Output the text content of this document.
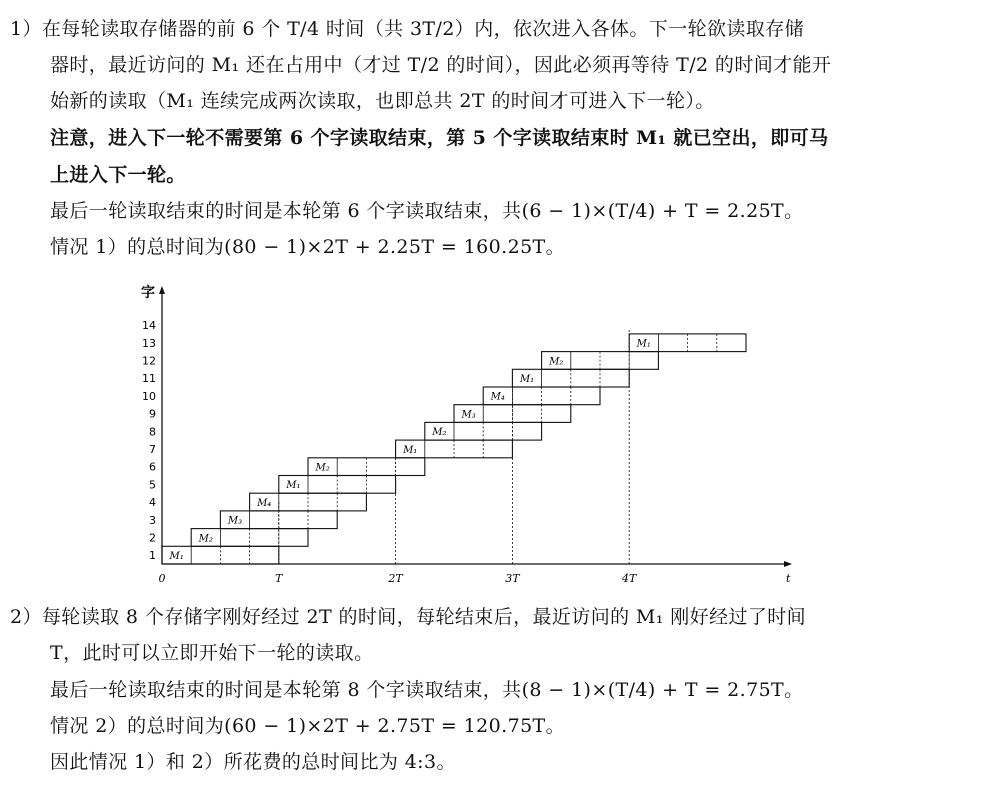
1）在每轮读取存储器的前 6 个 T/4 时间（共 3T/2）内，依次进入各体。下一轮欲读取存储
器时，最近访问的 M₁ 还在占用中（才过 T/2 的时间），因此必须再等待 T/2 的时间才能开
始新的读取（M₁ 连续完成两次读取，也即总共 2T 的时间才可进入下一轮）。
注意，进入下一轮不需要第 6 个字读取结束，第 5 个字读取结束时 M₁ 就已空出，即可马
上进入下一轮。
最后一轮读取结束的时间是本轮第 6 个字读取结束，共(6 − 1)×(T/4) + T = 2.25T。
情况 1）的总时间为(80 − 1)×2T + 2.25T = 160.25T。
字
t
1
2
3
4
5
6
7
8
9
10
11
12
13
14
0	T	2T	3T	4T
M₁
M₂
M₃
M₄
M₁
M₂
M₁
M₂
M₃
M₄
M₁
M₂
M₁
2）每轮读取 8 个存储字刚好经过 2T 的时间，每轮结束后，最近访问的 M₁ 刚好经过了时间
T，此时可以立即开始下一轮的读取。
最后一轮读取结束的时间是本轮第 8 个字读取结束，共(8 − 1)×(T/4) + T = 2.75T。
情况 2）的总时间为(60 − 1)×2T + 2.75T = 120.75T。
因此情况 1）和 2）所花费的总时间比为 4:3。
